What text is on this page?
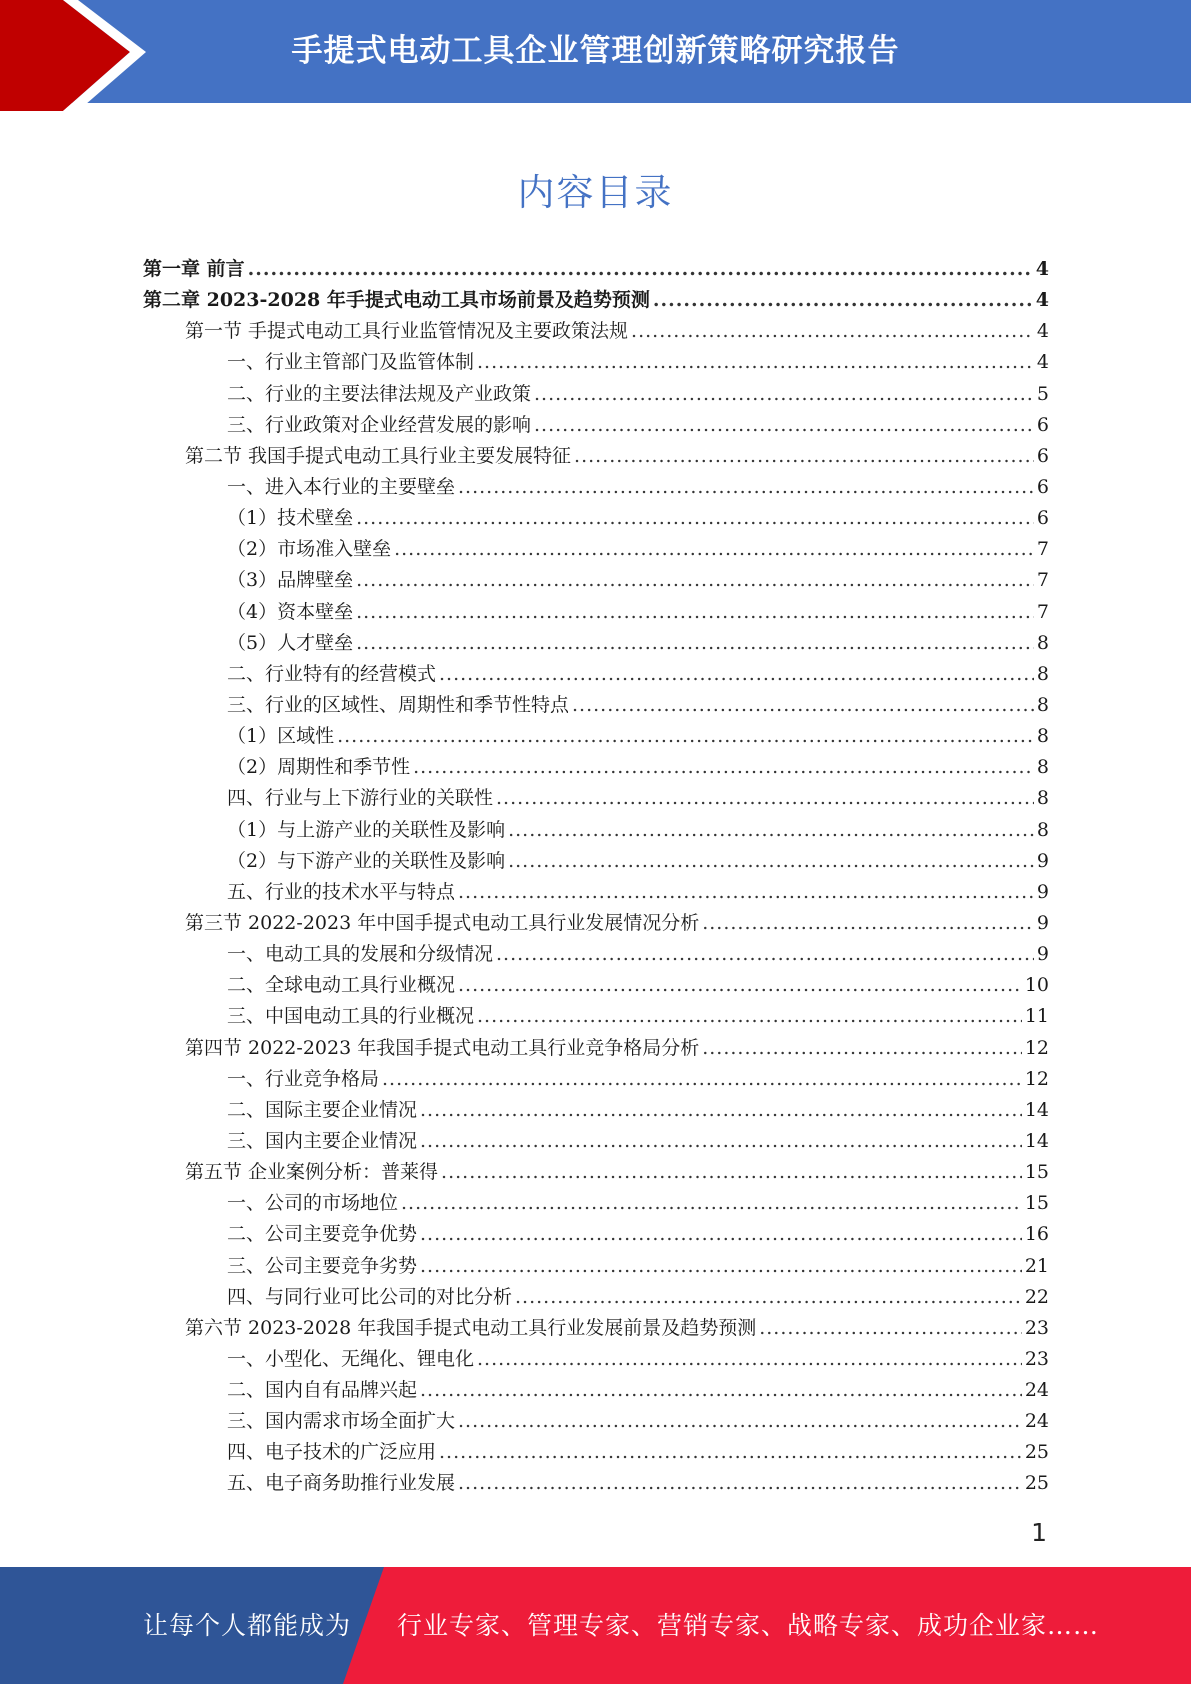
手提式电动工具企业管理创新策略研究报告
内容目录
第一章 前言 .....	4
第二章 2023-2028 年手提式电动工具市场前景及趋势预测 .....	4
第一节 手提式电动工具行业监管情况及主要政策法规 .....	4
一、行业主管部门及监管体制 .....	4
二、行业的主要法律法规及产业政策 .....	5
三、行业政策对企业经营发展的影响 .....	6
第二节 我国手提式电动工具行业主要发展特征 .....	6
一、进入本行业的主要壁垒 .....	6
（1）技术壁垒 .....	6
（2）市场准入壁垒 .....	7
（3）品牌壁垒 .....	7
（4）资本壁垒 .....	7
（5）人才壁垒 .....	8
二、行业特有的经营模式 .....	8
三、行业的区域性、周期性和季节性特点 .....	8
（1）区域性 .....	8
（2）周期性和季节性 .....	8
四、行业与上下游行业的关联性 .....	8
（1）与上游产业的关联性及影响 .....	8
（2）与下游产业的关联性及影响 .....	9
五、行业的技术水平与特点 .....	9
第三节 2022-2023 年中国手提式电动工具行业发展情况分析 .....	9
一、电动工具的发展和分级情况 .....	9
二、全球电动工具行业概况 .....	10
三、中国电动工具的行业概况 .....	11
第四节 2022-2023 年我国手提式电动工具行业竞争格局分析 .....	12
一、行业竞争格局 .....	12
二、国际主要企业情况 .....	14
三、国内主要企业情况 .....	14
第五节 企业案例分析：普莱得 .....	15
一、公司的市场地位 .....	15
二、公司主要竞争优势 .....	16
三、公司主要竞争劣势 .....	21
四、与同行业可比公司的对比分析 .....	22
第六节 2023-2028 年我国手提式电动工具行业发展前景及趋势预测 .....	23
一、小型化、无绳化、锂电化 .....	23
二、国内自有品牌兴起 .....	24
三、国内需求市场全面扩大 .....	24
四、电子技术的广泛应用 .....	25
五、电子商务助推行业发展 .....	25
1
让每个人都能成为 行业专家、管理专家、营销专家、战略专家、成功企业家……
